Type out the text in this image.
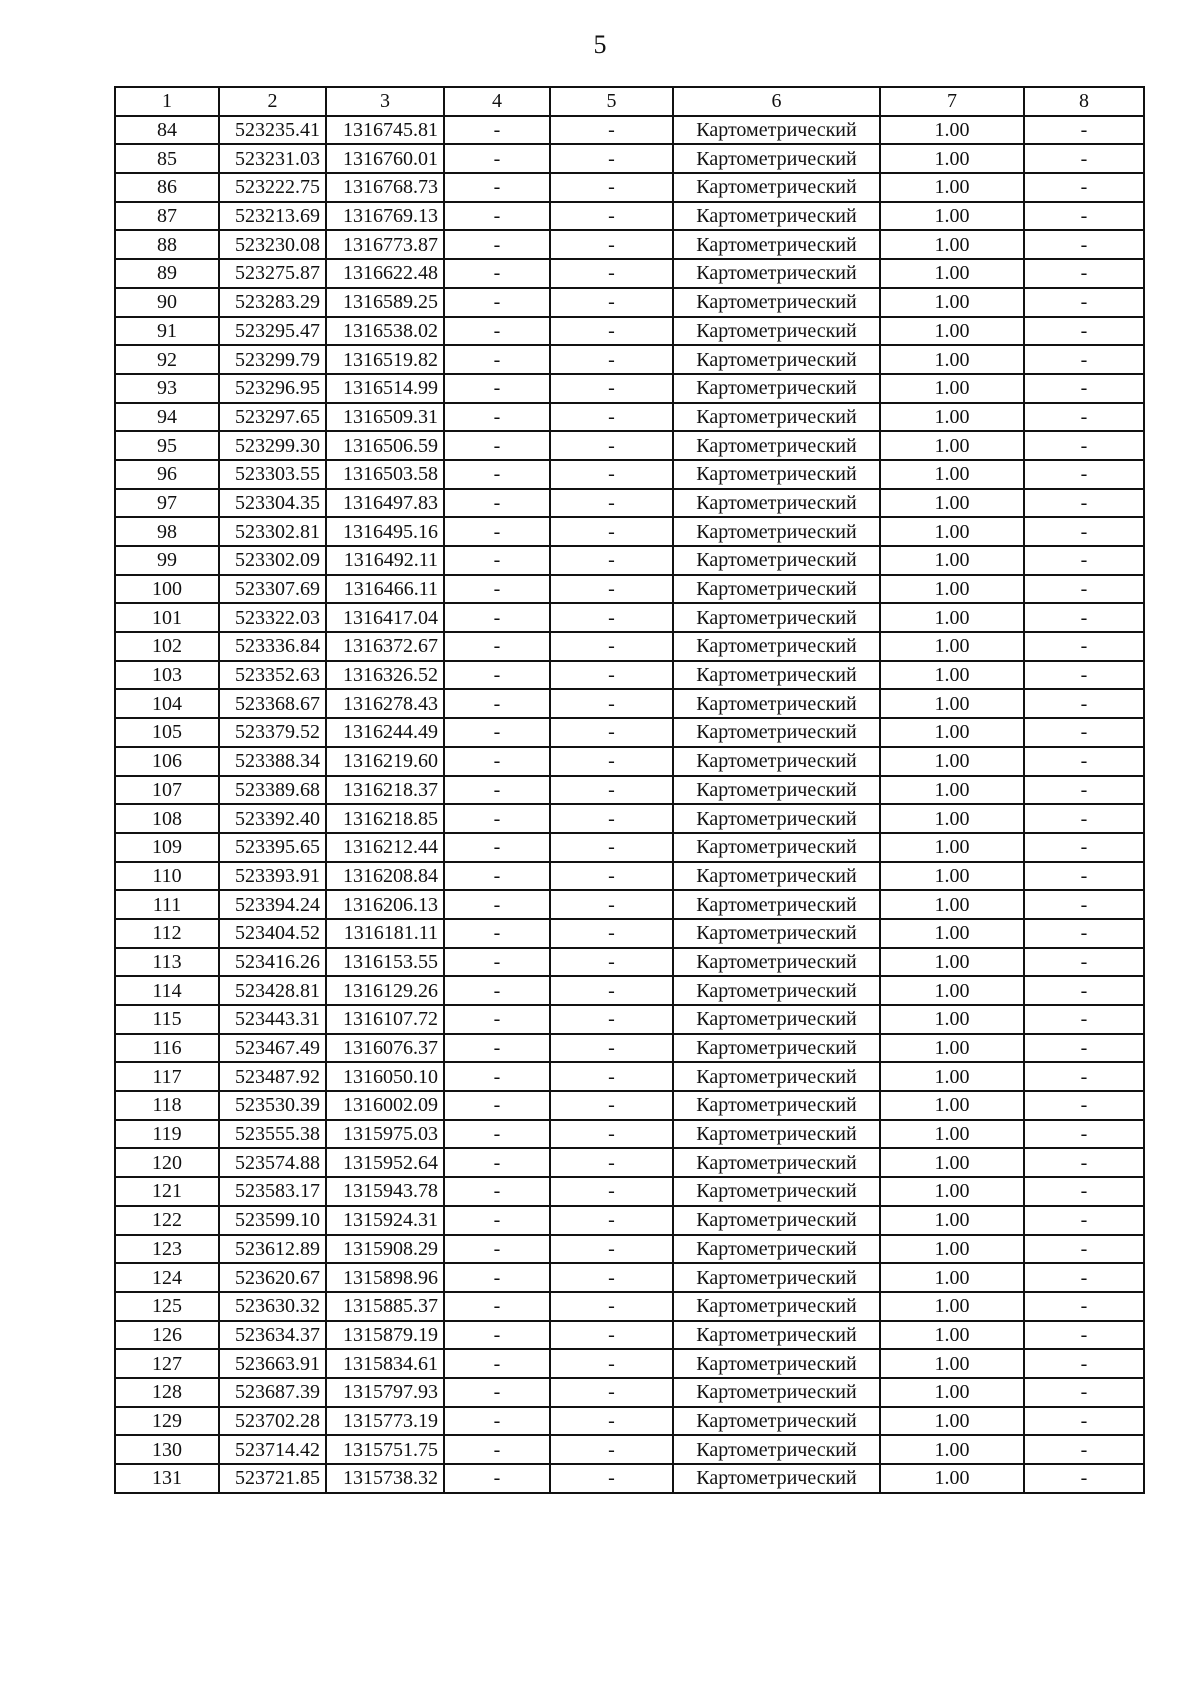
5
1	2	3	4	5	6	7	8
84	523235.41	1316745.81	-	-	Картометрический	1.00	-
85	523231.03	1316760.01	-	-	Картометрический	1.00	-
86	523222.75	1316768.73	-	-	Картометрический	1.00	-
87	523213.69	1316769.13	-	-	Картометрический	1.00	-
88	523230.08	1316773.87	-	-	Картометрический	1.00	-
89	523275.87	1316622.48	-	-	Картометрический	1.00	-
90	523283.29	1316589.25	-	-	Картометрический	1.00	-
91	523295.47	1316538.02	-	-	Картометрический	1.00	-
92	523299.79	1316519.82	-	-	Картометрический	1.00	-
93	523296.95	1316514.99	-	-	Картометрический	1.00	-
94	523297.65	1316509.31	-	-	Картометрический	1.00	-
95	523299.30	1316506.59	-	-	Картометрический	1.00	-
96	523303.55	1316503.58	-	-	Картометрический	1.00	-
97	523304.35	1316497.83	-	-	Картометрический	1.00	-
98	523302.81	1316495.16	-	-	Картометрический	1.00	-
99	523302.09	1316492.11	-	-	Картометрический	1.00	-
100	523307.69	1316466.11	-	-	Картометрический	1.00	-
101	523322.03	1316417.04	-	-	Картометрический	1.00	-
102	523336.84	1316372.67	-	-	Картометрический	1.00	-
103	523352.63	1316326.52	-	-	Картометрический	1.00	-
104	523368.67	1316278.43	-	-	Картометрический	1.00	-
105	523379.52	1316244.49	-	-	Картометрический	1.00	-
106	523388.34	1316219.60	-	-	Картометрический	1.00	-
107	523389.68	1316218.37	-	-	Картометрический	1.00	-
108	523392.40	1316218.85	-	-	Картометрический	1.00	-
109	523395.65	1316212.44	-	-	Картометрический	1.00	-
110	523393.91	1316208.84	-	-	Картометрический	1.00	-
111	523394.24	1316206.13	-	-	Картометрический	1.00	-
112	523404.52	1316181.11	-	-	Картометрический	1.00	-
113	523416.26	1316153.55	-	-	Картометрический	1.00	-
114	523428.81	1316129.26	-	-	Картометрический	1.00	-
115	523443.31	1316107.72	-	-	Картометрический	1.00	-
116	523467.49	1316076.37	-	-	Картометрический	1.00	-
117	523487.92	1316050.10	-	-	Картометрический	1.00	-
118	523530.39	1316002.09	-	-	Картометрический	1.00	-
119	523555.38	1315975.03	-	-	Картометрический	1.00	-
120	523574.88	1315952.64	-	-	Картометрический	1.00	-
121	523583.17	1315943.78	-	-	Картометрический	1.00	-
122	523599.10	1315924.31	-	-	Картометрический	1.00	-
123	523612.89	1315908.29	-	-	Картометрический	1.00	-
124	523620.67	1315898.96	-	-	Картометрический	1.00	-
125	523630.32	1315885.37	-	-	Картометрический	1.00	-
126	523634.37	1315879.19	-	-	Картометрический	1.00	-
127	523663.91	1315834.61	-	-	Картометрический	1.00	-
128	523687.39	1315797.93	-	-	Картометрический	1.00	-
129	523702.28	1315773.19	-	-	Картометрический	1.00	-
130	523714.42	1315751.75	-	-	Картометрический	1.00	-
131	523721.85	1315738.32	-	-	Картометрический	1.00	-
